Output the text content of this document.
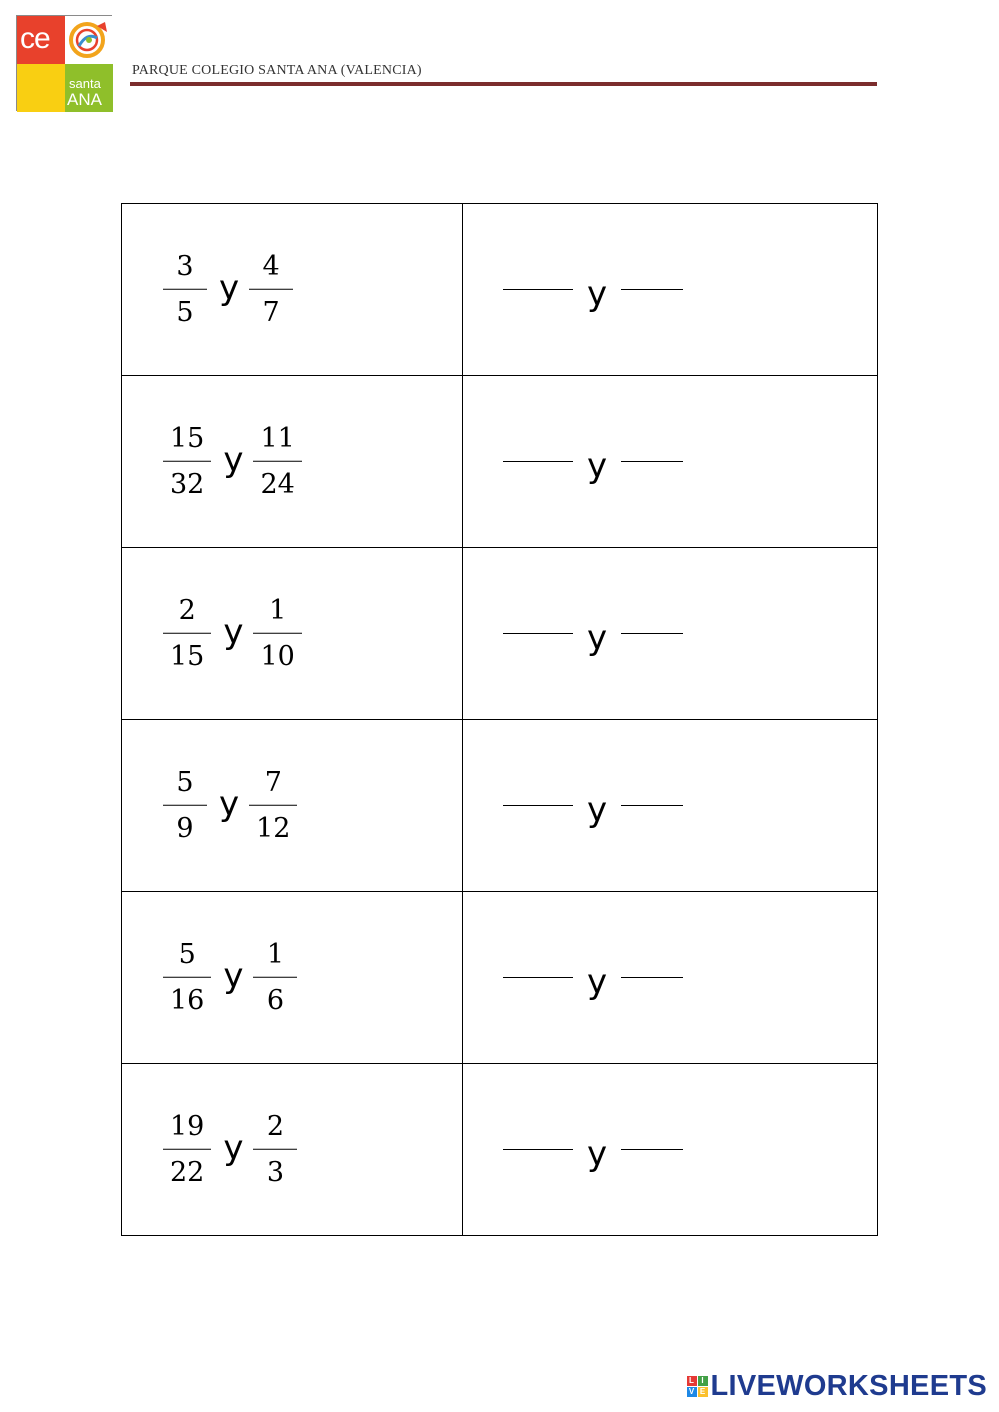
ce
santa
ANA
PARQUE COLEGIO SANTA ANA (VALENCIA)
$\frac{3}{5}$ y $\frac{4}{7}$	y

$\frac{15}{32}$ y $\frac{11}{24}$	y

$\frac{2}{15}$ y $\frac{1}{10}$	y

$\frac{5}{9}$ y $\frac{7}{12}$	y

$\frac{5}{16}$ y $\frac{1}{6}$	y

$\frac{19}{22}$ y $\frac{2}{3}$	y
L I
V E LIVEWORKSHEETS
